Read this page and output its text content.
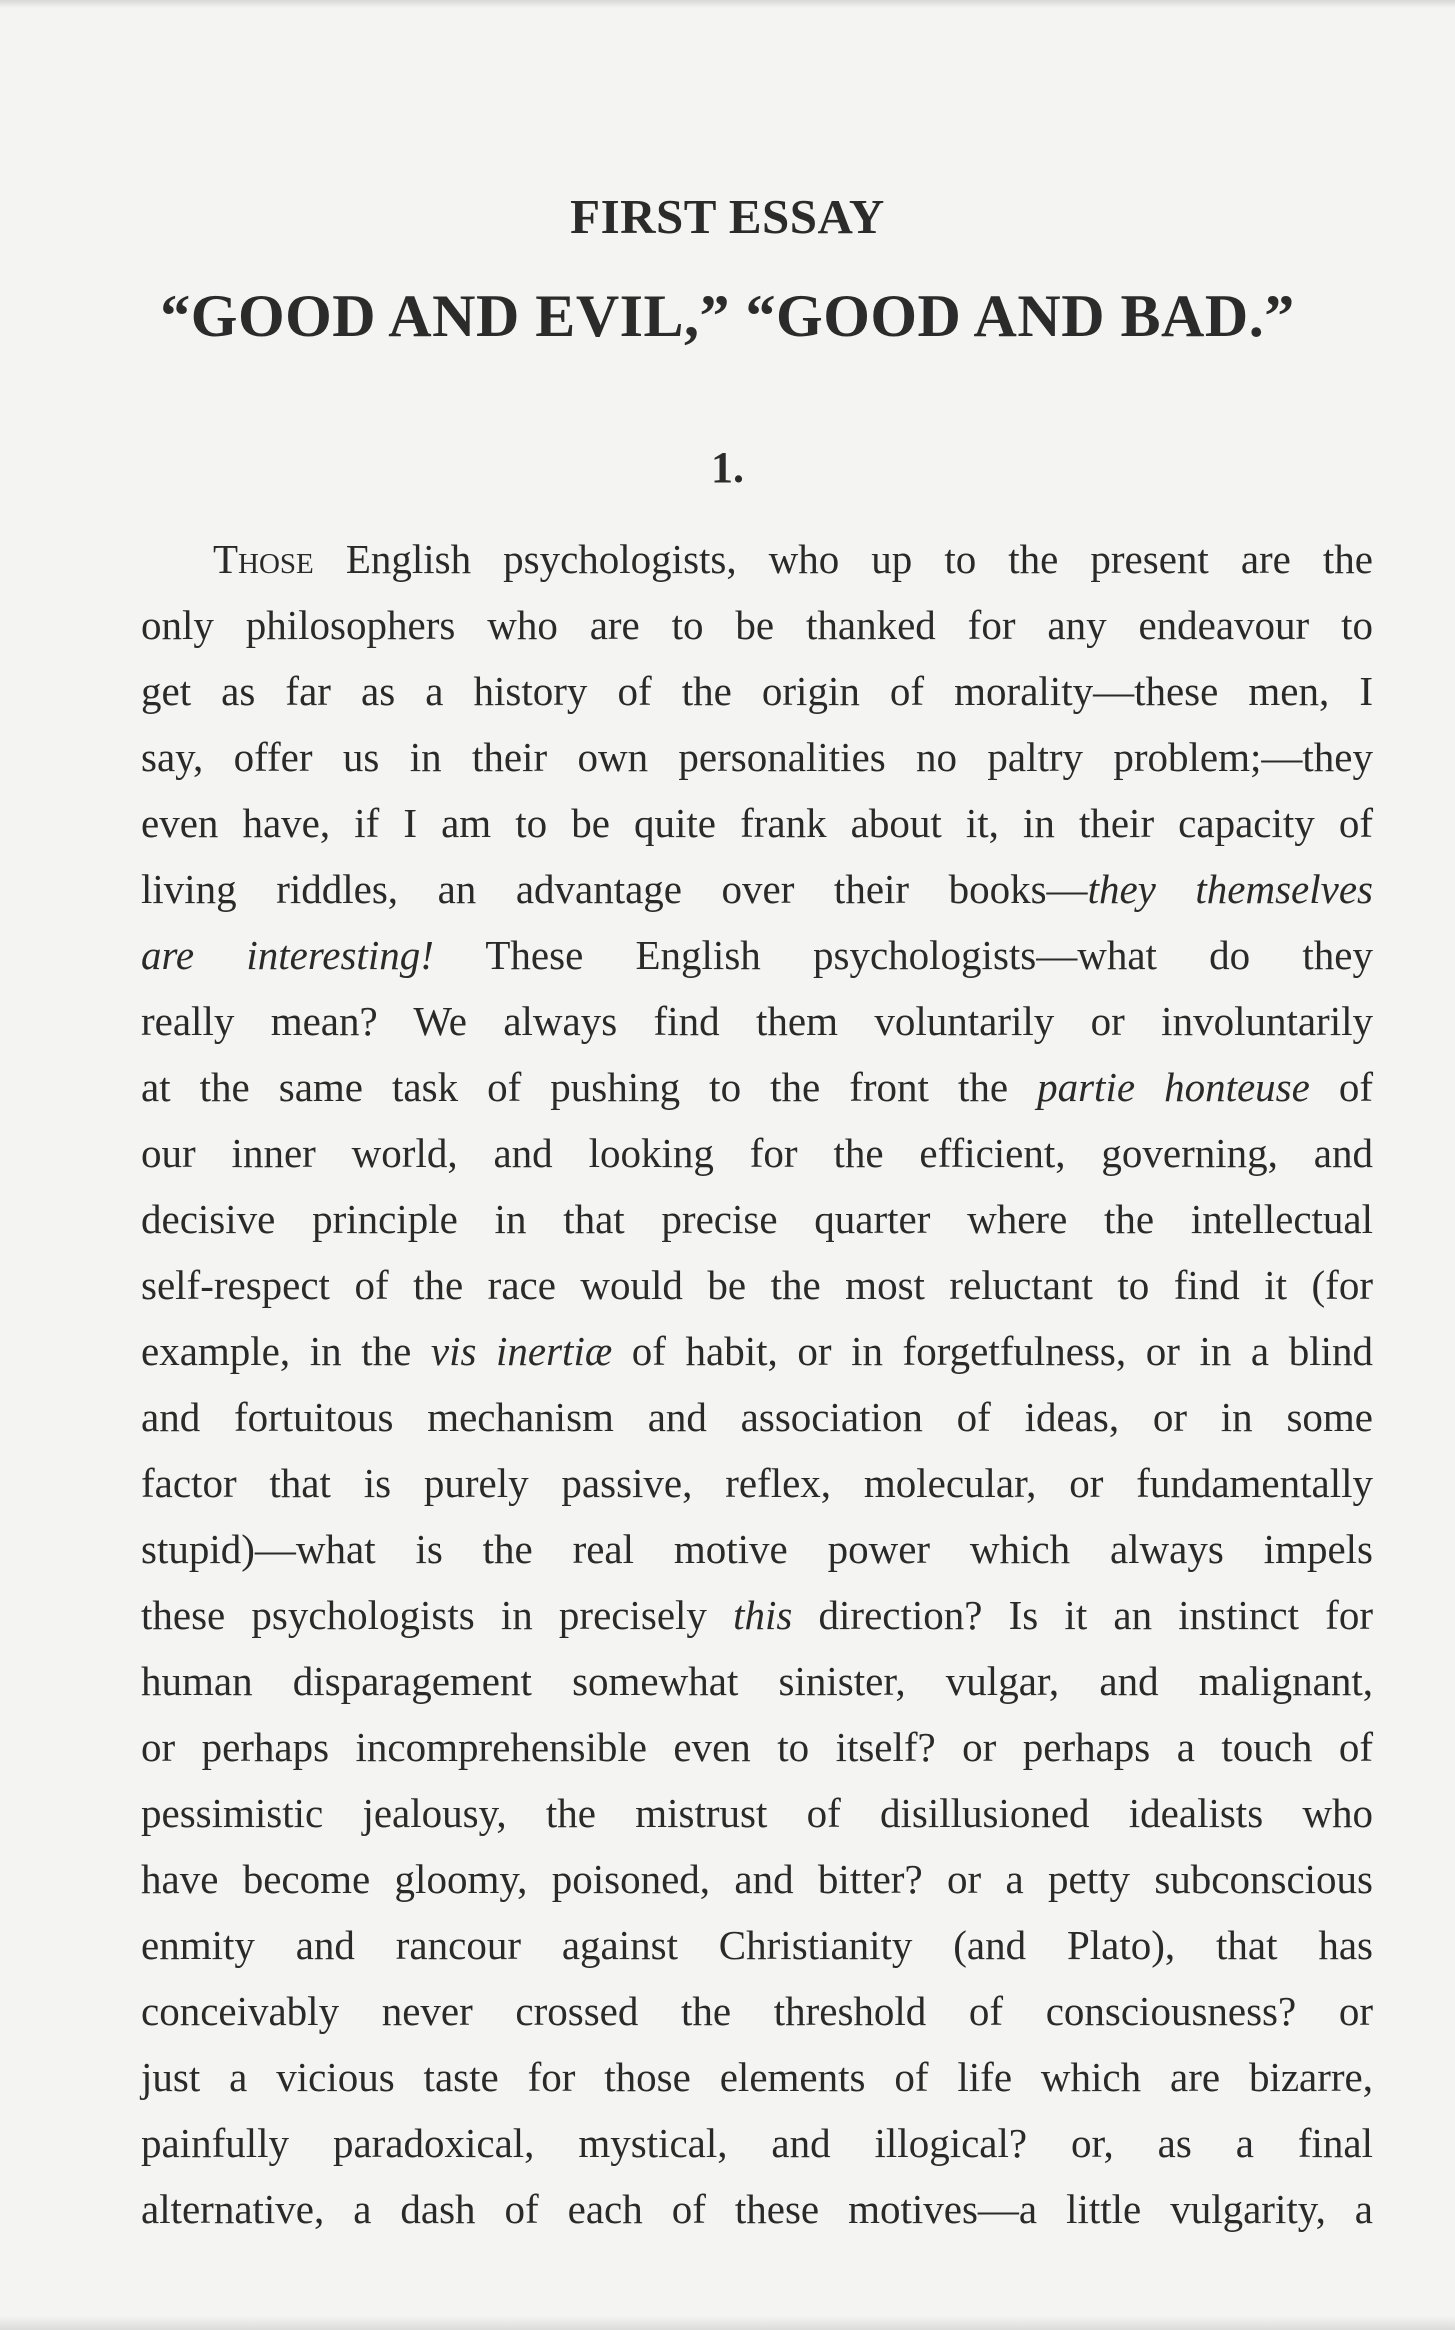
FIRST ESSAY
“GOOD AND EVIL,” “GOOD AND BAD.”
1.
Those English psychologists, who up to the present are the
only philosophers who are to be thanked for any endeavour to
get as far as a history of the origin of morality—these men, I
say, offer us in their own personalities no paltry problem;—they
even have, if I am to be quite frank about it, in their capacity of
living riddles, an advantage over their books—they themselves
are interesting! These English psychologists—what do they
really mean? We always find them voluntarily or involuntarily
at the same task of pushing to the front the partie honteuse of
our inner world, and looking for the efficient, governing, and
decisive principle in that precise quarter where the intellectual
self-respect of the race would be the most reluctant to find it (for
example, in the vis inertiæ of habit, or in forgetfulness, or in a blind
and fortuitous mechanism and association of ideas, or in some
factor that is purely passive, reflex, molecular, or fundamentally
stupid)—what is the real motive power which always impels
these psychologists in precisely this direction? Is it an instinct for
human disparagement somewhat sinister, vulgar, and malignant,
or perhaps incomprehensible even to itself? or perhaps a touch of
pessimistic jealousy, the mistrust of disillusioned idealists who
have become gloomy, poisoned, and bitter? or a petty subconscious
enmity and rancour against Christianity (and Plato), that has
conceivably never crossed the threshold of consciousness? or
just a vicious taste for those elements of life which are bizarre,
painfully paradoxical, mystical, and illogical? or, as a final
alternative, a dash of each of these motives—a little vulgarity, a
